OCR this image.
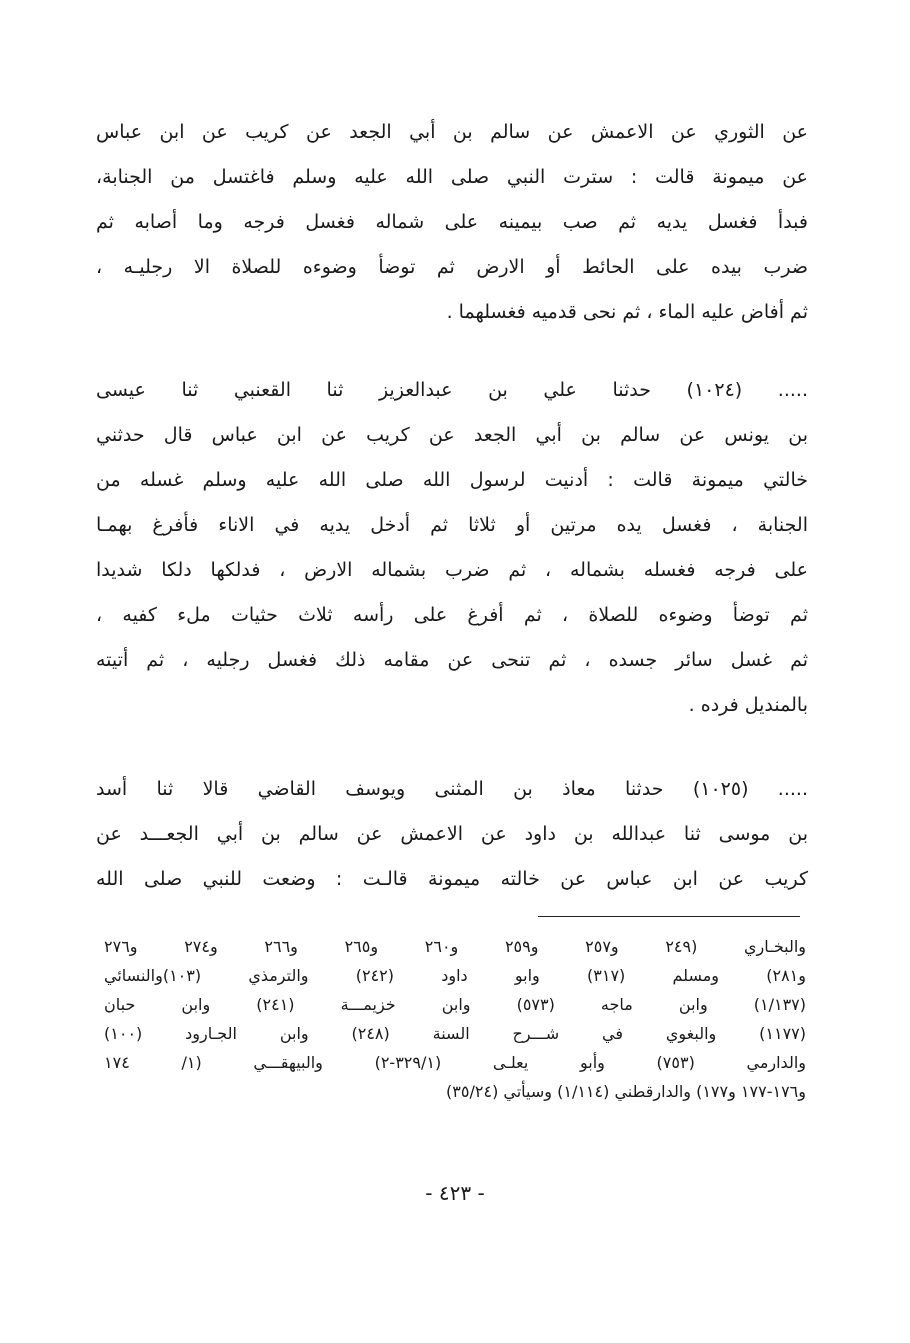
عن الثوري عن الاعمش عن سالم بن أبي الجعد عن كريب عن ابن عباس
عن ميمونة قالت : سترت النبي صلى الله عليه وسلم فاغتسل من الجنابة،
فبدأ فغسل يديه ثم صب بيمينه على شماله فغسل فرجه وما أصابه ثم
ضرب بيده على الحائط أو الارض ثم توضأ وضوءه للصلاة الا رجليـه ،
ثم أفاض عليه الماء ، ثم نحى قدميه فغسلهما .
..... (١٠٢٤) حدثنا علي بن عبدالعزيز ثنا القعنبي ثنا عيسى
بن يونس عن سالم بن أبي الجعد عن كريب عن ابن عباس قال حدثني
خالتي ميمونة قالت : أدنيت لرسول الله صلى الله عليه وسلم غسله من
الجنابة ، فغسل يده مرتين أو ثلاثا ثم أدخل يديه في الاناء فأفرغ بهمـا
على فرجه فغسله بشماله ، ثم ضرب بشماله الارض ، فدلكها دلكا شديدا
ثم توضأ وضوءه للصلاة ، ثم أفرغ على رأسه ثلاث حثيات ملء كفيه ،
ثم غسل سائر جسده ، ثم تنحى عن مقامه ذلك فغسل رجليه ، ثم أتيته
بالمنديل فرده .
..... (١٠٢٥) حدثنا معاذ بن المثنى ويوسف القاضي قالا ثنا أسد
بن موسى ثنا عبدالله بن داود عن الاعمش عن سالم بن أبي الجعـــد عن
كريب عن ابن عباس عن خالته ميمونة قالـت : وضعت للنبي صلى الله
والبخـاري (٢٤٩ و٢٥٧ و٢٥٩ و٢٦٠ و٢٦٥ و٢٦٦ و٢٧٤ و٢٧٦
و٢٨١) ومسلم (٣١٧) وابو داود (٢٤٢) والترمذي (١٠٣)والنسائي
(١/١٣٧) وابن ماجه (٥٧٣) وابن خزيمـــة (٢٤١) وابن حبان
(١١٧٧) والبغوي في شـــرح السنة (٢٤٨) وابن الجـارود (١٠٠)
والدارمي (٧٥٣) وأبو يعلـى (٣٢٩/١-٢) والبيهقـــي (١/ ١٧٤
و١٧٦-١٧٧ و١٧٧) والدارقطني (١/١١٤) وسيأتي (٣٥/٢٤)
- ٤٢٣ -
